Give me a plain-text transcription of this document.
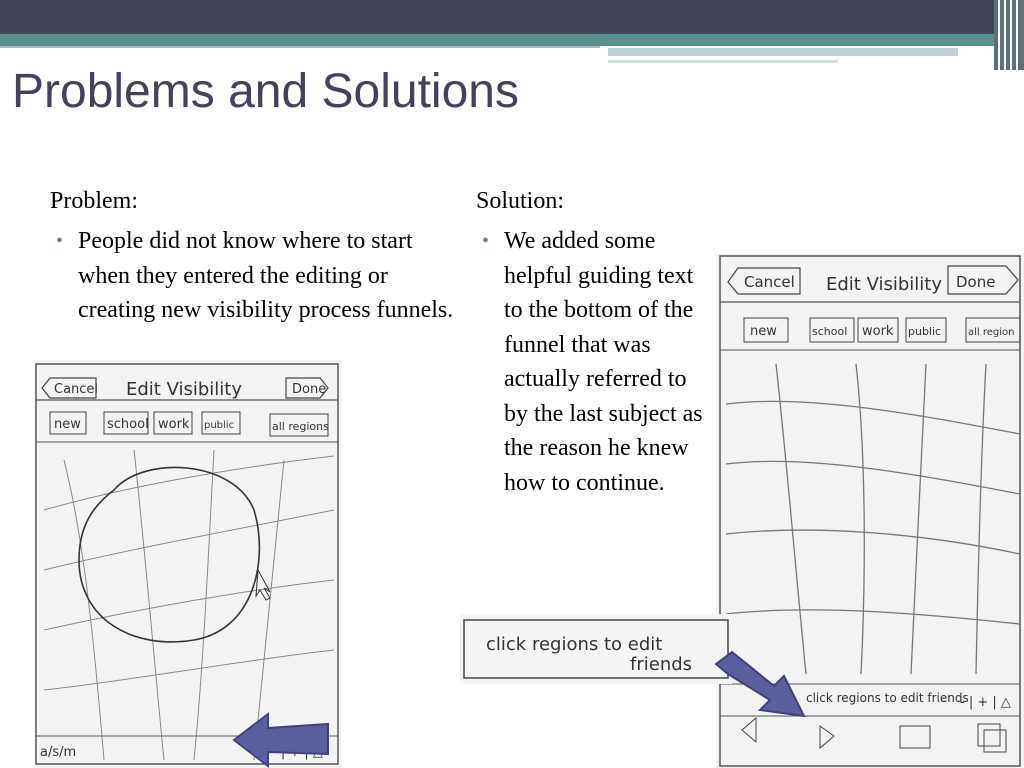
Problems and Solutions

Problem:

• People did not know where to start when they entered the editing or creating new visibility process funnels.

Solution:

• We added some helpful guiding text to the bottom of the funnel that was actually referred to by the last subject as the reason he knew how to continue.
Cancel Edit Visibility	Done
new school work public	all regions
a/s/m
Cancel Edit Visibility Done
new	school work public	all region
click regions to edit friends
- | + | △
click regions to edit
friends
